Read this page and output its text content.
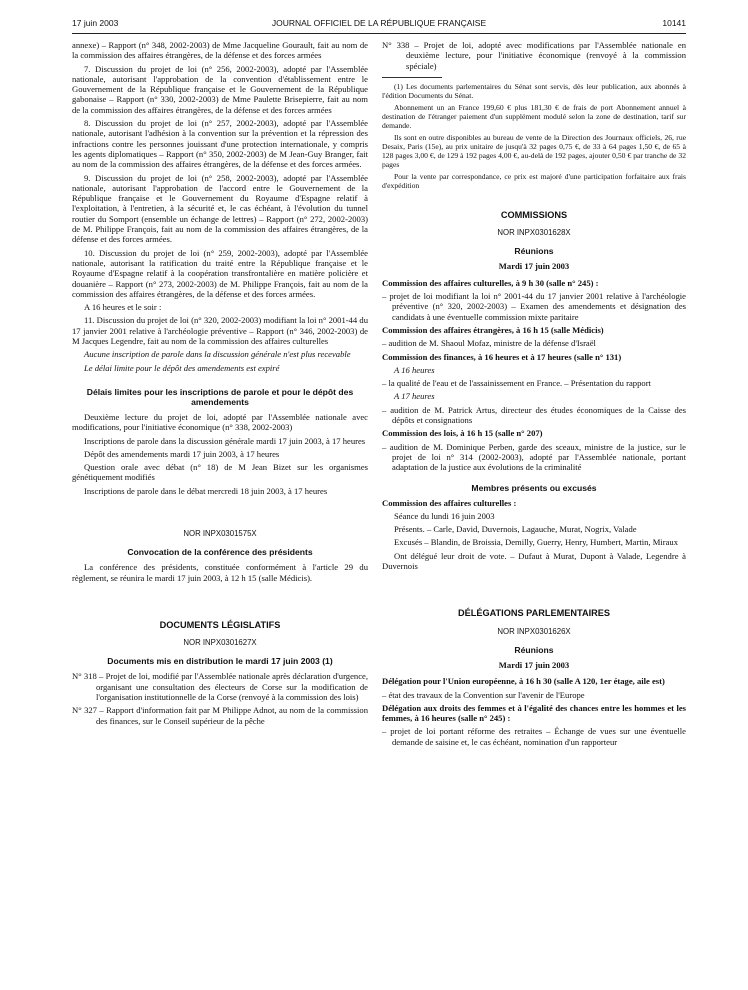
17 juin 2003	JOURNAL OFFICIEL DE LA RÉPUBLIQUE FRANÇAISE	10141

annexe) – Rapport (n° 348, 2002-2003) de Mme Jacqueline Gourault, fait au nom de la commission des affaires étrangères, de la défense et des forces armées

7. Discussion du projet de loi (n° 256, 2002-2003), adopté par l'Assemblée nationale, autorisant l'approbation de la convention d'établissement entre le Gouvernement de la République française et le Gouvernement de la République gabonaise – Rapport (n° 330, 2002-2003) de Mme Paulette Brisepierre, fait au nom de la commission des affaires étrangères, de la défense et des forces armées

8. Discussion du projet de loi (n° 257, 2002-2003), adopté par l'Assemblée nationale, autorisant l'adhésion à la convention sur la prévention et la répression des infractions contre les personnes jouissant d'une protection internationale, y compris les agents diplomatiques – Rapport (n° 350, 2002-2003) de M Jean-Guy Branger, fait au nom de la commission des affaires étrangères, de la défense et des forces armées.

9. Discussion du projet de loi (n° 258, 2002-2003), adopté par l'Assemblée nationale, autorisant l'approbation de l'accord entre le Gouvernement de la République française et le Gouvernement du Royaume d'Espagne relatif à l'exploitation, à l'entretien, à la sécurité et, le cas échéant, à l'évolution du tunnel routier du Somport (ensemble un échange de lettres) – Rapport (n° 272, 2002-2003) de M. Philippe François, fait au nom de la commission des affaires étrangères, de la défense et des forces armées.

10. Discussion du projet de loi (n° 259, 2002-2003), adopté par l'Assemblée nationale, autorisant la ratification du traité entre la République française et le Royaume d'Espagne relatif à la coopération transfrontalière en matière policière et douanière – Rapport (n° 273, 2002-2003) de M. Philippe François, fait au nom de la commission des affaires étrangères, de la défense et des forces armées.

A 16 heures et le soir :

11. Discussion du projet de loi (n° 320, 2002-2003) modifiant la loi n° 2001-44 du 17 janvier 2001 relative à l'archéologie préventive – Rapport (n° 346, 2002-2003) de M Jacques Legendre, fait au nom de la commission des affaires culturelles

Aucune inscription de parole dans la discussion générale n'est plus recevable

Le délai limite pour le dépôt des amendements est expiré

Délais limites pour les inscriptions de parole et pour le dépôt des amendements

Deuxième lecture du projet de loi, adopté par l'Assemblée nationale avec modifications, pour l'initiative économique (n° 338, 2002-2003)

Inscriptions de parole dans la discussion générale mardi 17 juin 2003, à 17 heures

Dépôt des amendements mardi 17 juin 2003, à 17 heures

Question orale avec débat (n° 18) de M Jean Bizet sur les organismes génétiquement modifiés

Inscriptions de parole dans le débat mercredi 18 juin 2003, à 17 heures

NOR INPX0301575X
Convocation de la conférence des présidents

La conférence des présidents, constituée conformément à l'article 29 du règlement, se réunira le mardi 17 juin 2003, à 12 h 15 (salle Médicis).

DOCUMENTS LÉGISLATIFS
NOR INPX0301627X
Documents mis en distribution le mardi 17 juin 2003 (1)

N° 318 – Projet de loi, modifié par l'Assemblée nationale après déclaration d'urgence, organisant une consultation des électeurs de Corse sur la modification de l'organisation institutionnelle de la Corse (renvoyé à la commission des lois)

N° 327 – Rapport d'information fait par M Philippe Adnot, au nom de la commission des finances, sur le Conseil supérieur de la pêche

N° 338 – Projet de loi, adopté avec modifications par l'Assemblée nationale en deuxième lecture, pour l'initiative économique (renvoyé à la commission spéciale)

(1) Les documents parlementaires du Sénat sont servis, dès leur publication, aux abonnés à l'édition Documents du Sénat.

Abonnement un an France 199,60 € plus 181,30 € de frais de port Abonnement annuel à destination de l'étranger paiement d'un supplément modulé selon la zone de destination, tarif sur demande.

Ils sont en outre disponibles au bureau de vente de la Direction des Journaux officiels, 26, rue Desaix, Paris (15e), au prix unitaire de jusqu'à 32 pages 0,75 €, de 33 à 64 pages 1,50 €, de 65 à 128 pages 3,00 €, de 129 à 192 pages 4,00 €, au-delà de 192 pages, ajouter 0,50 € par tranche de 32 pages

Pour la vente par correspondance, ce prix est majoré d'une participation forfaitaire aux frais d'expédition

COMMISSIONS
NOR INPX0301628X
Réunions
Mardi 17 juin 2003

Commission des affaires culturelles, à 9 h 30 (salle n° 245) :

– projet de loi modifiant la loi n° 2001-44 du 17 janvier 2001 relative à l'archéologie préventive (n° 320, 2002-2003) – Examen des amendements et désignation des candidats à une éventuelle commission mixte paritaire

Commission des affaires étrangères, à 16 h 15 (salle Médicis)

– audition de M. Shaoul Mofaz, ministre de la défense d'Israël

Commission des finances, à 16 heures et à 17 heures (salle n° 131)

A 16 heures

– la qualité de l'eau et de l'assainissement en France. – Présentation du rapport

A 17 heures

– audition de M. Patrick Artus, directeur des études économiques de la Caisse des dépôts et consignations

Commission des lois, à 16 h 15 (salle n° 207)

– audition de M. Dominique Perben, garde des sceaux, ministre de la justice, sur le projet de loi n° 314 (2002-2003), adopté par l'Assemblée nationale, portant adaptation de la justice aux évolutions de la criminalité

Membres présents ou excusés

Commission des affaires culturelles :

Séance du lundi 16 juin 2003

Présents. – Carle, David, Duvernois, Lagauche, Murat, Nogrix, Valade

Excusés – Blandin, de Broissia, Demilly, Guerry, Henry, Humbert, Martin, Miraux

Ont délégué leur droit de vote. – Dufaut à Murat, Dupont à Valade, Legendre à Duvernois

DÉLÉGATIONS PARLEMENTAIRES
NOR INPX0301626X
Réunions
Mardi 17 juin 2003

Délégation pour l'Union européenne, à 16 h 30 (salle A 120, 1er étage, aile est)

– état des travaux de la Convention sur l'avenir de l'Europe

Délégation aux droits des femmes et à l'égalité des chances entre les hommes et les femmes, à 16 heures (salle n° 245) :

– projet de loi portant réforme des retraites – Échange de vues sur une éventuelle demande de saisine et, le cas échéant, nomination d'un rapporteur
